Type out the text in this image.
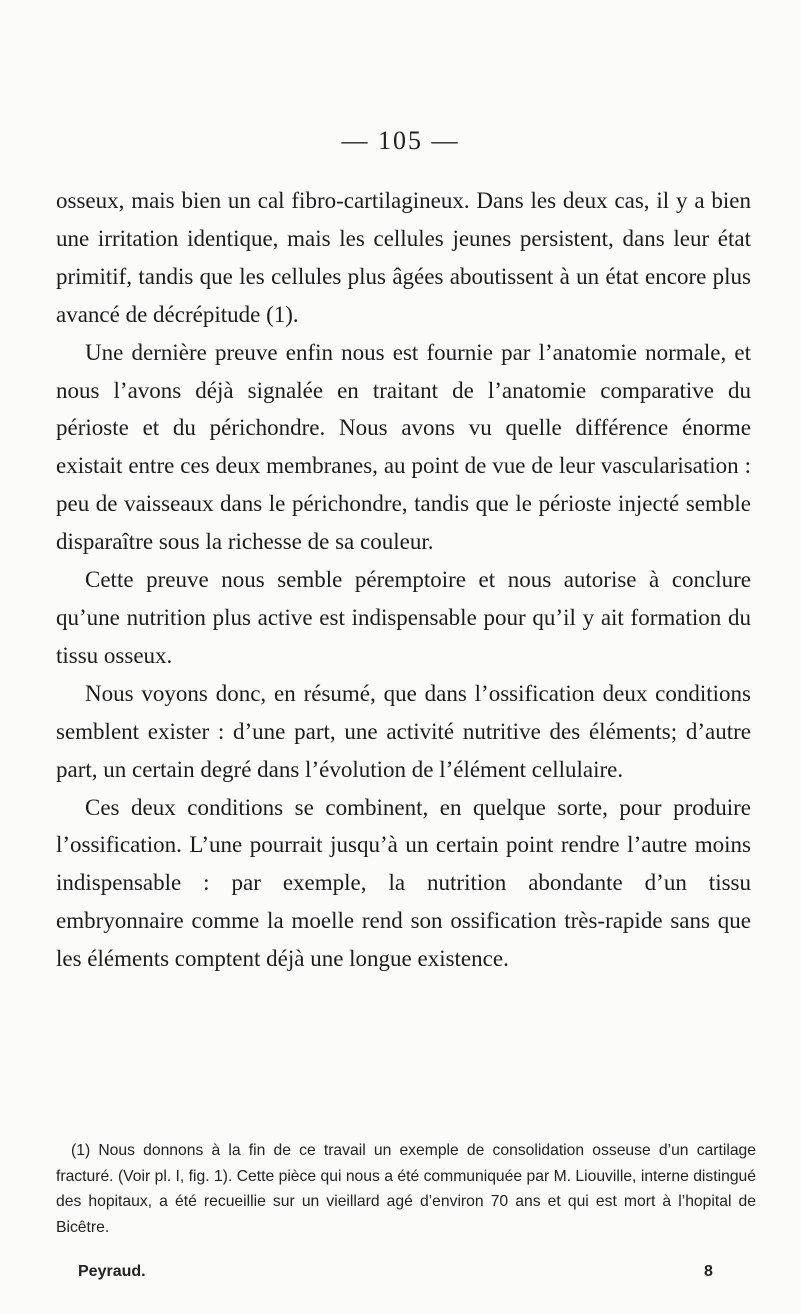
— 105 —

osseux, mais bien un cal fibro-cartilagineux. Dans les deux cas, il y a bien une irritation identique, mais les cellules jeunes persistent, dans leur état primitif, tandis que les cellules plus âgées aboutissent à un état encore plus avancé de décrépitude (1).

Une dernière preuve enfin nous est fournie par l’anatomie normale, et nous l’avons déjà signalée en traitant de l’anatomie comparative du périoste et du périchondre. Nous avons vu quelle différence énorme existait entre ces deux membranes, au point de vue de leur vascularisation : peu de vaisseaux dans le périchondre, tandis que le périoste injecté semble disparaître sous la richesse de sa couleur.

Cette preuve nous semble péremptoire et nous autorise à conclure qu’une nutrition plus active est indispensable pour qu’il y ait formation du tissu osseux.

Nous voyons donc, en résumé, que dans l’ossification deux conditions semblent exister : d’une part, une activité nutritive des éléments; d’autre part, un certain degré dans l’évolution de l’élément cellulaire.

Ces deux conditions se combinent, en quelque sorte, pour produire l’ossification. L’une pourrait jusqu’à un certain point rendre l’autre moins indispensable : par exemple, la nutrition abondante d’un tissu embryonnaire comme la moelle rend son ossification très-rapide sans que les éléments comptent déjà une longue existence.

(1) Nous donnons à la fin de ce travail un exemple de consolidation osseuse d’un cartilage fracturé. (Voir pl. I, fig. 1). Cette pièce qui nous a été communiquée par M. Liouville, interne distingué des hopitaux, a été recueillie sur un vieillard agé d’environ 70 ans et qui est mort à l’hopital de Bicêtre.

Peyraud.	8
